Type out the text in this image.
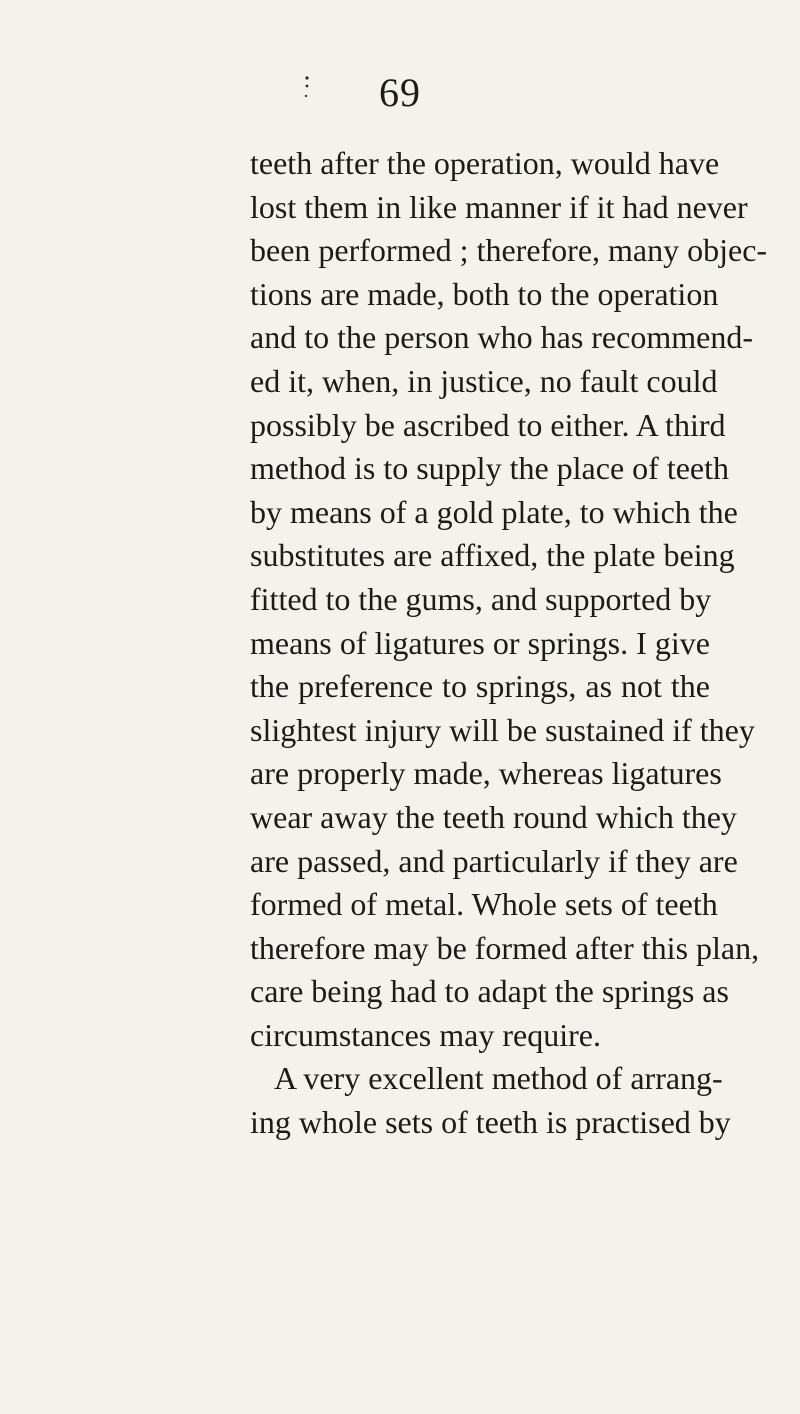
69
teeth after the operation, would have
lost them in like manner if it had never
been performed ; therefore, many objec-
tions are made, both to the operation
and to the person who has recommend-
ed it, when, in justice, no fault could
possibly be ascribed to either. A third
method is to supply the place of teeth
by means of a gold plate, to which the
substitutes are affixed, the plate being
fitted to the gums, and supported by
means of ligatures or springs. I give
the preference to springs, as not the
slightest injury will be sustained if they
are properly made, whereas ligatures
wear away the teeth round which they
are passed, and particularly if they are
formed of metal. Whole sets of teeth
therefore may be formed after this plan,
care being had to adapt the springs as
circumstances may require.
A very excellent method of arrang-
ing whole sets of teeth is practised by
